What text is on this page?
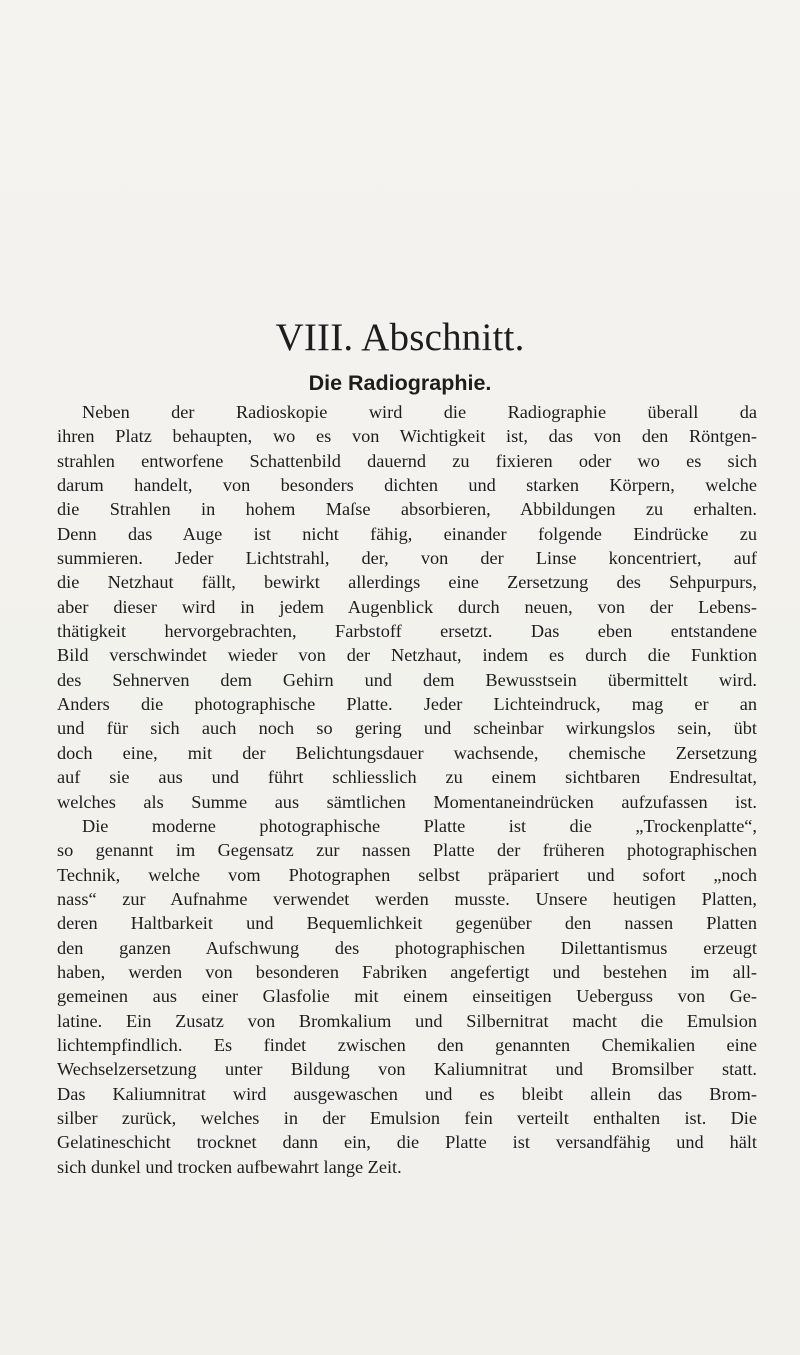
VIII. Abschnitt.
Die Radiographie.
Neben der Radioskopie wird die Radiographie überall da
ihren Platz behaupten, wo es von Wichtigkeit ist, das von den Röntgen-
strahlen entworfene Schattenbild dauernd zu fixieren oder wo es sich
darum handelt, von besonders dichten und starken Körpern, welche
die Strahlen in hohem Maſse absorbieren, Abbildungen zu erhalten.
Denn das Auge ist nicht fähig, einander folgende Eindrücke zu
summieren. Jeder Lichtstrahl, der, von der Linse koncentriert, auf
die Netzhaut fällt, bewirkt allerdings eine Zersetzung des Sehpurpurs,
aber dieser wird in jedem Augenblick durch neuen, von der Lebens-
thätigkeit hervorgebrachten, Farbstoff ersetzt. Das eben entstandene
Bild verschwindet wieder von der Netzhaut, indem es durch die Funktion
des Sehnerven dem Gehirn und dem Bewusstsein übermittelt wird.
Anders die photographische Platte. Jeder Lichteindruck, mag er an
und für sich auch noch so gering und scheinbar wirkungslos sein, übt
doch eine, mit der Belichtungsdauer wachsende, chemische Zersetzung
auf sie aus und führt schliesslich zu einem sichtbaren Endresultat,
welches als Summe aus sämtlichen Momentaneindrücken aufzufassen ist.
Die moderne photographische Platte ist die „Trockenplatte“,
so genannt im Gegensatz zur nassen Platte der früheren photographischen
Technik, welche vom Photographen selbst präpariert und sofort „noch
nass“ zur Aufnahme verwendet werden musste. Unsere heutigen Platten,
deren Haltbarkeit und Bequemlichkeit gegenüber den nassen Platten
den ganzen Aufschwung des photographischen Dilettantismus erzeugt
haben, werden von besonderen Fabriken angefertigt und bestehen im all-
gemeinen aus einer Glasfolie mit einem einseitigen Ueberguss von Ge-
latine. Ein Zusatz von Bromkalium und Silbernitrat macht die Emulsion
lichtempfindlich. Es findet zwischen den genannten Chemikalien eine
Wechselzersetzung unter Bildung von Kaliumnitrat und Bromsilber statt.
Das Kaliumnitrat wird ausgewaschen und es bleibt allein das Brom-
silber zurück, welches in der Emulsion fein verteilt enthalten ist. Die
Gelatineschicht trocknet dann ein, die Platte ist versandfähig und hält
sich dunkel und trocken aufbewahrt lange Zeit.
